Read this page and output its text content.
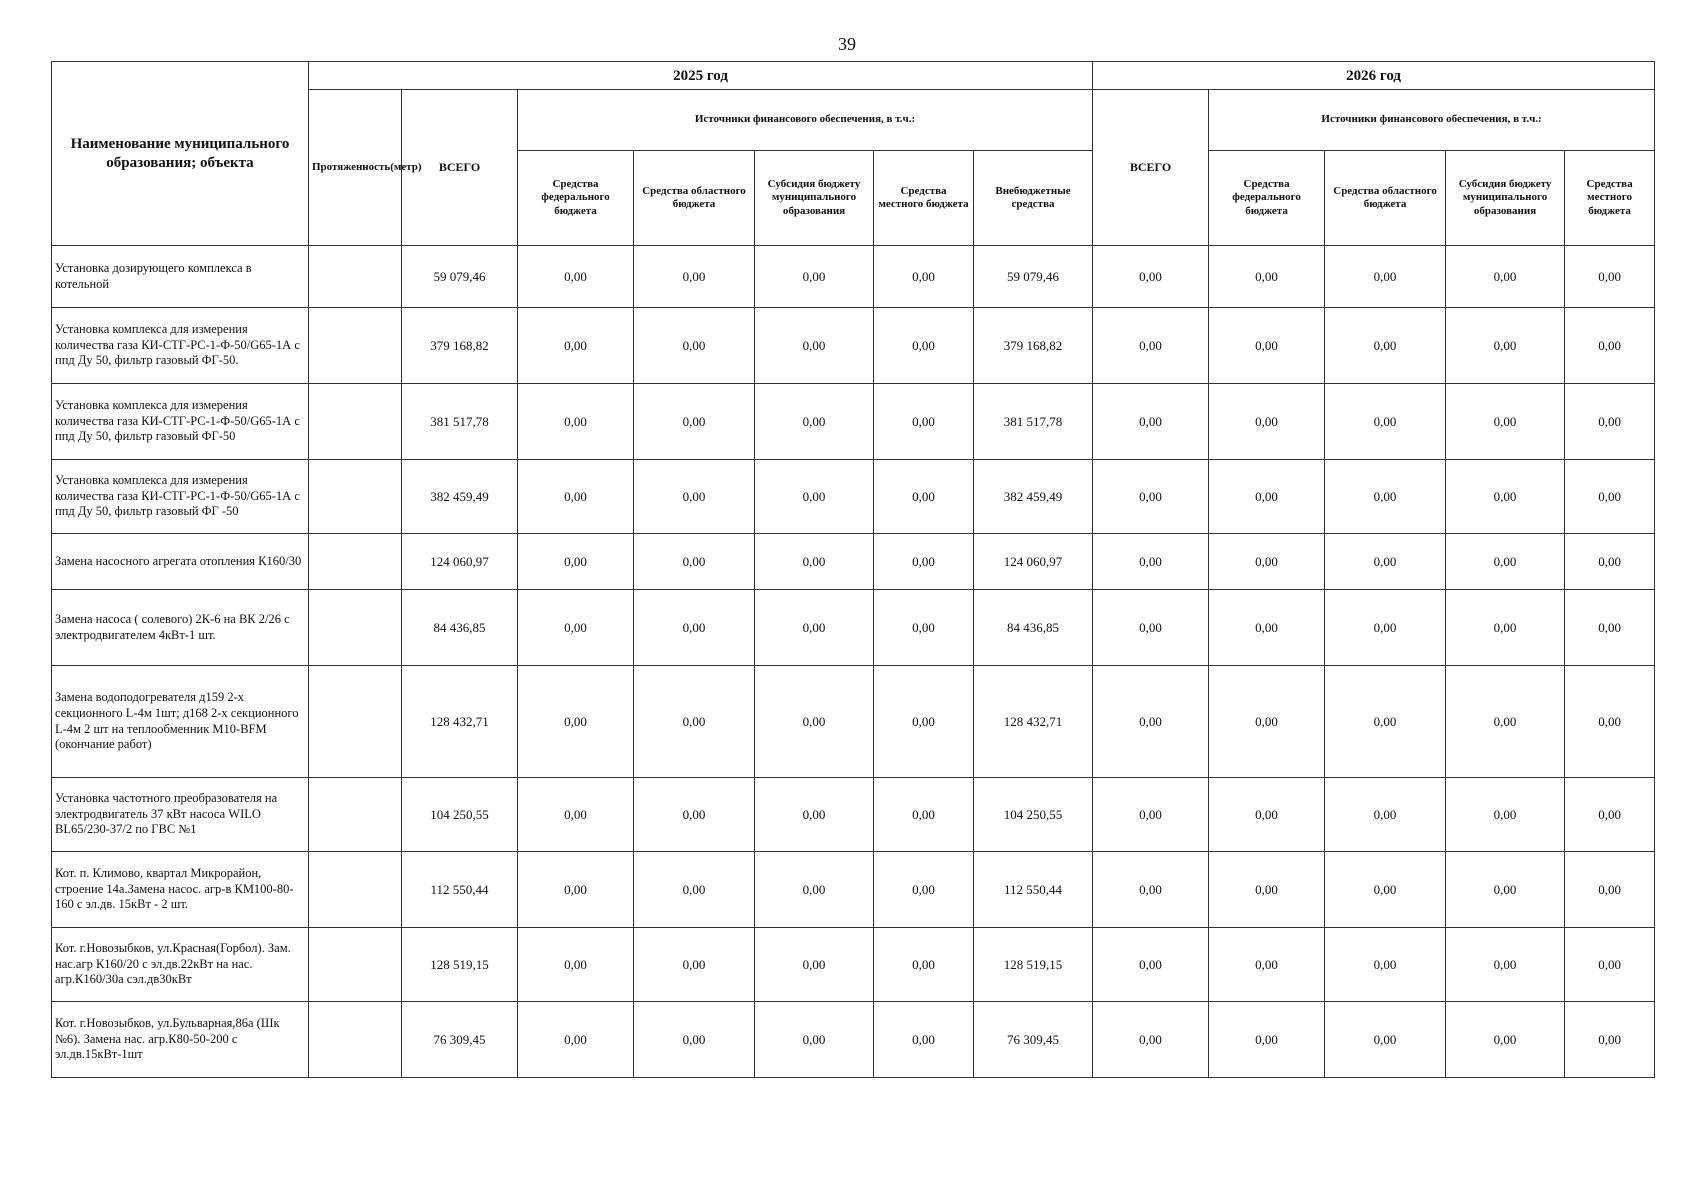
39
Наименование муниципального образования; объекта	2025 год							2026 год				
	Протяженность(метр)	ВСЕГО	Источники финансового обеспечения, в т.ч.:					ВСЕГО	Источники финансового обеспечения, в т.ч.:			
			Средства федерального бюджета	Средства областного бюджета	Субсидия бюджету муниципального образования	Средства местного бюджета	Внебюджетные средства		Средства федерального бюджета	Средства областного бюджета	Субсидия бюджету муниципального образования	Средства местного бюджета
Установка дозирующего комплекса в котельной		59 079,46	0,00	0,00	0,00	0,00	59 079,46	0,00	0,00	0,00	0,00	0,00
Установка комплекса для измерения количества газа КИ-СТГ-РС-1-Ф-50/G65-1А с ппд Ду 50, фильтр газовый ФГ-50.		379 168,82	0,00	0,00	0,00	0,00	379 168,82	0,00	0,00	0,00	0,00	0,00
Установка комплекса для измерения количества газа КИ-СТГ-РС-1-Ф-50/G65-1А с ппд Ду 50, фильтр газовый ФГ-50		381 517,78	0,00	0,00	0,00	0,00	381 517,78	0,00	0,00	0,00	0,00	0,00
Установка комплекса для измерения количества газа КИ-СТГ-РС-1-Ф-50/G65-1А с ппд Ду 50, фильтр газовый ФГ -50		382 459,49	0,00	0,00	0,00	0,00	382 459,49	0,00	0,00	0,00	0,00	0,00
Замена насосного агрегата отопления К160/30		124 060,97	0,00	0,00	0,00	0,00	124 060,97	0,00	0,00	0,00	0,00	0,00
Замена насоса ( солевого) 2К-6 на ВК 2/26 с электродвигателем 4кВт-1 шт.		84 436,85	0,00	0,00	0,00	0,00	84 436,85	0,00	0,00	0,00	0,00	0,00
Замена водоподогревателя д159 2-х секционного L-4м 1шт; д168 2-х секционного L-4м 2 шт на теплообменник М10-BFM (окончание работ)		128 432,71	0,00	0,00	0,00	0,00	128 432,71	0,00	0,00	0,00	0,00	0,00
Установка частотного преобразователя на электродвигатель 37 кВт насоса WILO BL65/230-37/2 по ГВС №1		104 250,55	0,00	0,00	0,00	0,00	104 250,55	0,00	0,00	0,00	0,00	0,00
Кот. п. Климово, квартал Микрорайон, строение 14а.Замена насос. агр-в КМ100-80-160 с эл.дв. 15кВт - 2 шт.		112 550,44	0,00	0,00	0,00	0,00	112 550,44	0,00	0,00	0,00	0,00	0,00
Кот. г.Новозыбков, ул.Красная(Горбол). Зам. нас.агр К160/20 с эл.дв.22кВт на нас. агр.К160/30а сэл.дв30кВт		128 519,15	0,00	0,00	0,00	0,00	128 519,15	0,00	0,00	0,00	0,00	0,00
Кот. г.Новозыбков, ул.Бульварная,86а (Шк №6). Замена нас. агр.К80-50-200 с эл.дв.15кВт-1шт		76 309,45	0,00	0,00	0,00	0,00	76 309,45	0,00	0,00	0,00	0,00	0,00
